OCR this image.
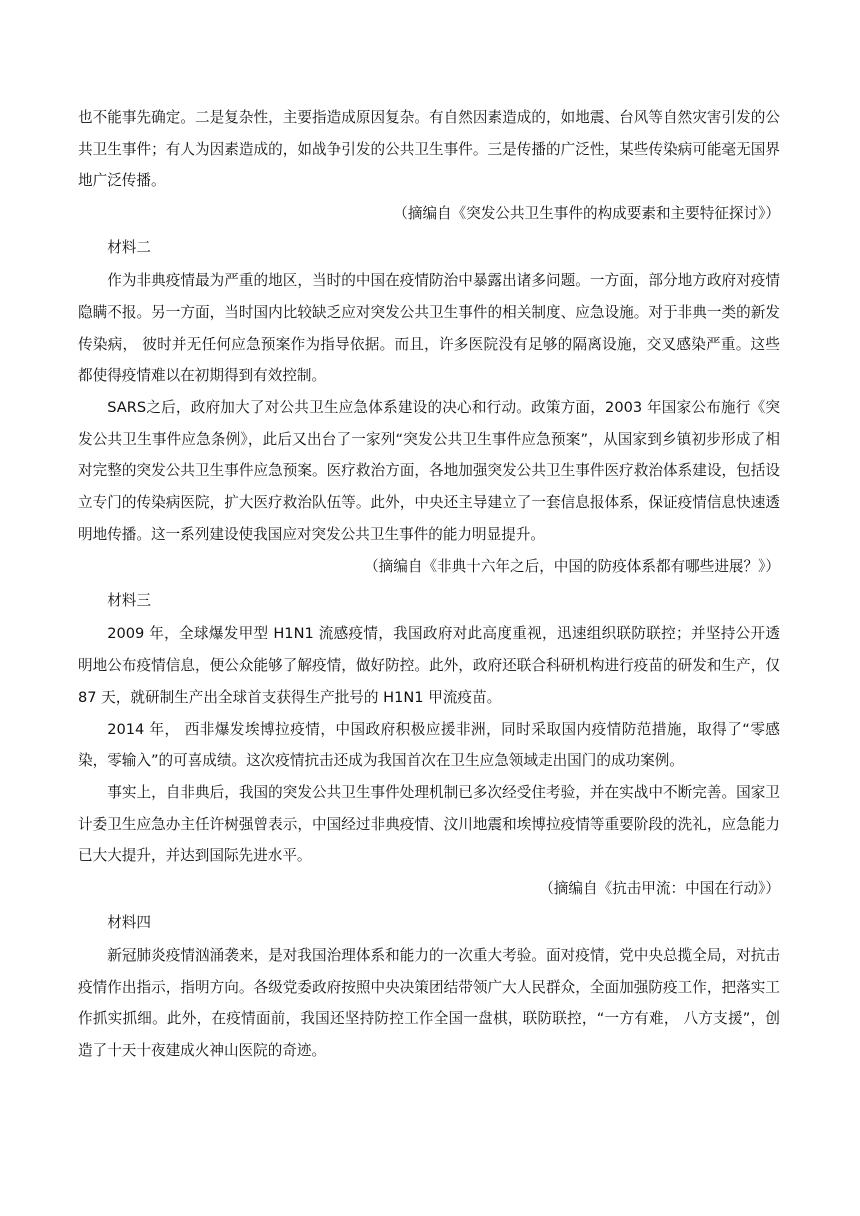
也不能事先确定。二是复杂性，主要指造成原因复杂。有自然因素造成的，如地震、台风等自然灾害引发的公共卫生事件；有人为因素造成的，如战争引发的公共卫生事件。三是传播的广泛性，某些传染病可能毫无国界地广泛传播。

（摘编自《突发公共卫生事件的构成要素和主要特征探讨》）

材料二

作为非典疫情最为严重的地区，当时的中国在疫情防治中暴露出诸多问题。一方面，部分地方政府对疫情隐瞒不报。另一方面，当时国内比较缺乏应对突发公共卫生事件的相关制度、应急设施。对于非典一类的新发传染病， 彼时并无任何应急预案作为指导依据。而且，许多医院没有足够的隔离设施，交叉感染严重。这些都使得疫情难以在初期得到有效控制。

SARS之后，政府加大了对公共卫生应急体系建设的决心和行动。政策方面，2003 年国家公布施行《突发公共卫生事件应急条例》，此后又出台了一家列“突发公共卫生事件应急预案”，从国家到乡镇初步形成了相对完整的突发公共卫生事件应急预案。医疗救治方面，各地加强突发公共卫生事件医疗救治体系建设，包括设立专门的传染病医院，扩大医疗救治队伍等。此外，中央还主导建立了一套信息报体系，保证疫情信息快速透明地传播。这一系列建设使我国应对突发公共卫生事件的能力明显提升。

（摘编自《非典十六年之后，中国的防疫体系都有哪些进展？》）

材料三

2009 年，全球爆发甲型 H1N1 流感疫情，我国政府对此高度重视，迅速组织联防联控；并坚持公开透明地公布疫情信息，便公众能够了解疫情，做好防控。此外，政府还联合科研机构进行疫苗的研发和生产，仅 87 天，就研制生产出全球首支获得生产批号的 H1N1 甲流疫苗。

2014 年， 西非爆发埃博拉疫情，中国政府积极应援非洲，同时采取国内疫情防范措施，取得了“零感染，零输入”的可喜成绩。这次疫情抗击还成为我国首次在卫生应急领域走出国门的成功案例。

事实上，自非典后，我国的突发公共卫生事件处理机制已多次经受住考验，并在实战中不断完善。国家卫计委卫生应急办主任许树强曾表示，中国经过非典疫情、汶川地震和埃博拉疫情等重要阶段的洗礼，应急能力已大大提升，并达到国际先进水平。

（摘编自《抗击甲流：中国在行动》）

材料四

新冠肺炎疫情汹涌袭来，是对我国治理体系和能力的一次重大考验。面对疫情，党中央总揽全局，对抗击疫情作出指示，指明方向。各级党委政府按照中央决策团结带领广大人民群众，全面加强防疫工作，把落实工作抓实抓细。此外，在疫情面前，我国还坚持防控工作全国一盘棋，联防联控，“一方有难， 八方支援”，创造了十天十夜建成火神山医院的奇迹。
